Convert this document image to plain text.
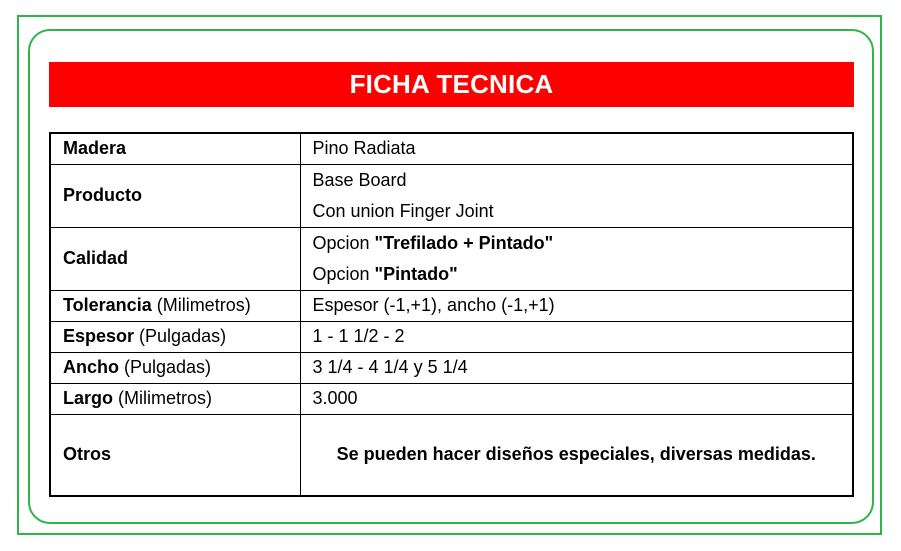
FICHA TECNICA
Madera	Pino Radiata
Producto	Base Board
Con union Finger Joint

Calidad	Opcion "Trefilado + Pintado"
Opcion "Pintado"

Tolerancia (Milimetros)	Espesor (-1,+1), ancho (-1,+1)
Espesor (Pulgadas)	1 - 1 1/2 - 2
Ancho (Pulgadas)	3 1/4 - 4 1/4 y 5 1/4
Largo (Milimetros)	3.000
Otros	Se pueden hacer diseños especiales, diversas medidas.
